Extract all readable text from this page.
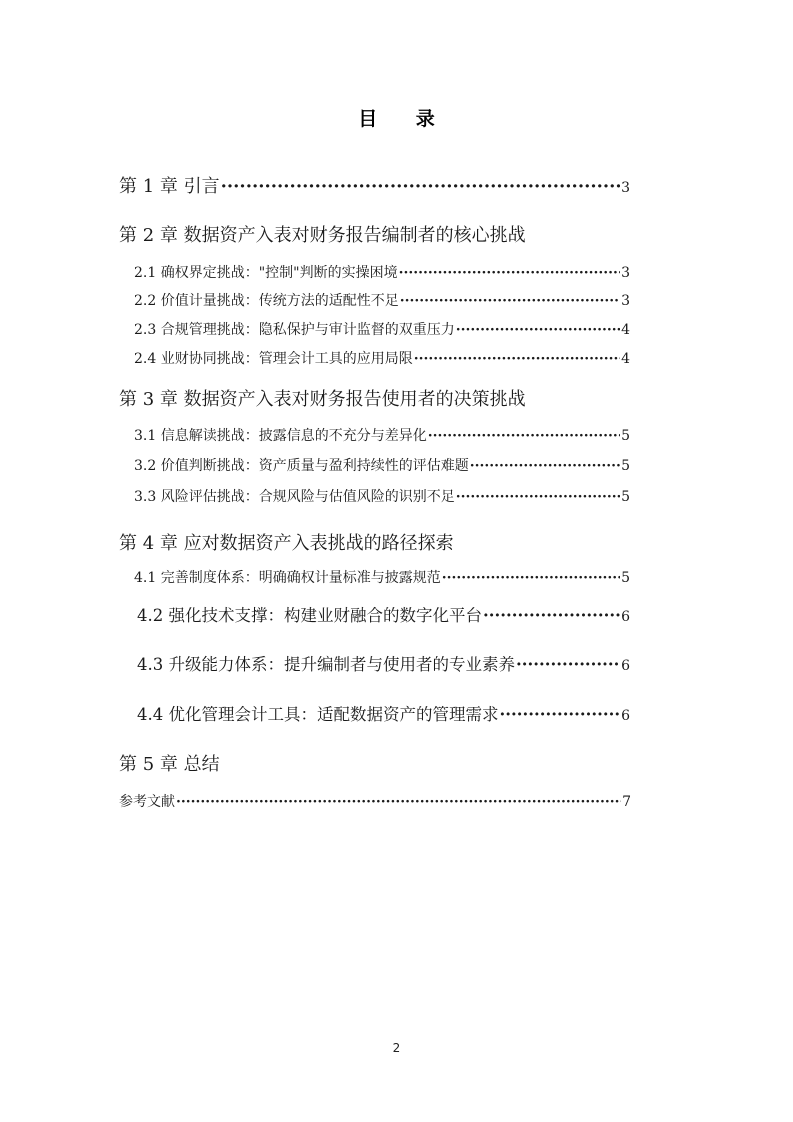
目 录
第 1 章 引言 ·····	3
第 2 章 数据资产入表对财务报告编制者的核心挑战
2.1 确权界定挑战："控制"判断的实操困境 ·····	3
2.2 价值计量挑战：传统方法的适配性不足 ·····	3
2.3 合规管理挑战：隐私保护与审计监督的双重压力 ·····	4
2.4 业财协同挑战：管理会计工具的应用局限 ·····	4
第 3 章 数据资产入表对财务报告使用者的决策挑战
3.1 信息解读挑战：披露信息的不充分与差异化 ·····	5
3.2 价值判断挑战：资产质量与盈利持续性的评估难题 ·····	5
3.3 风险评估挑战：合规风险与估值风险的识别不足 ·····	5
第 4 章 应对数据资产入表挑战的路径探索
4.1 完善制度体系：明确确权计量标准与披露规范 ·····	5
4.2 强化技术支撑：构建业财融合的数字化平台 ·····	6
4.3 升级能力体系：提升编制者与使用者的专业素养 ·····	6
4.4 优化管理会计工具：适配数据资产的管理需求 ·····	6
第 5 章 总结
参考文献 ·····	7
2
